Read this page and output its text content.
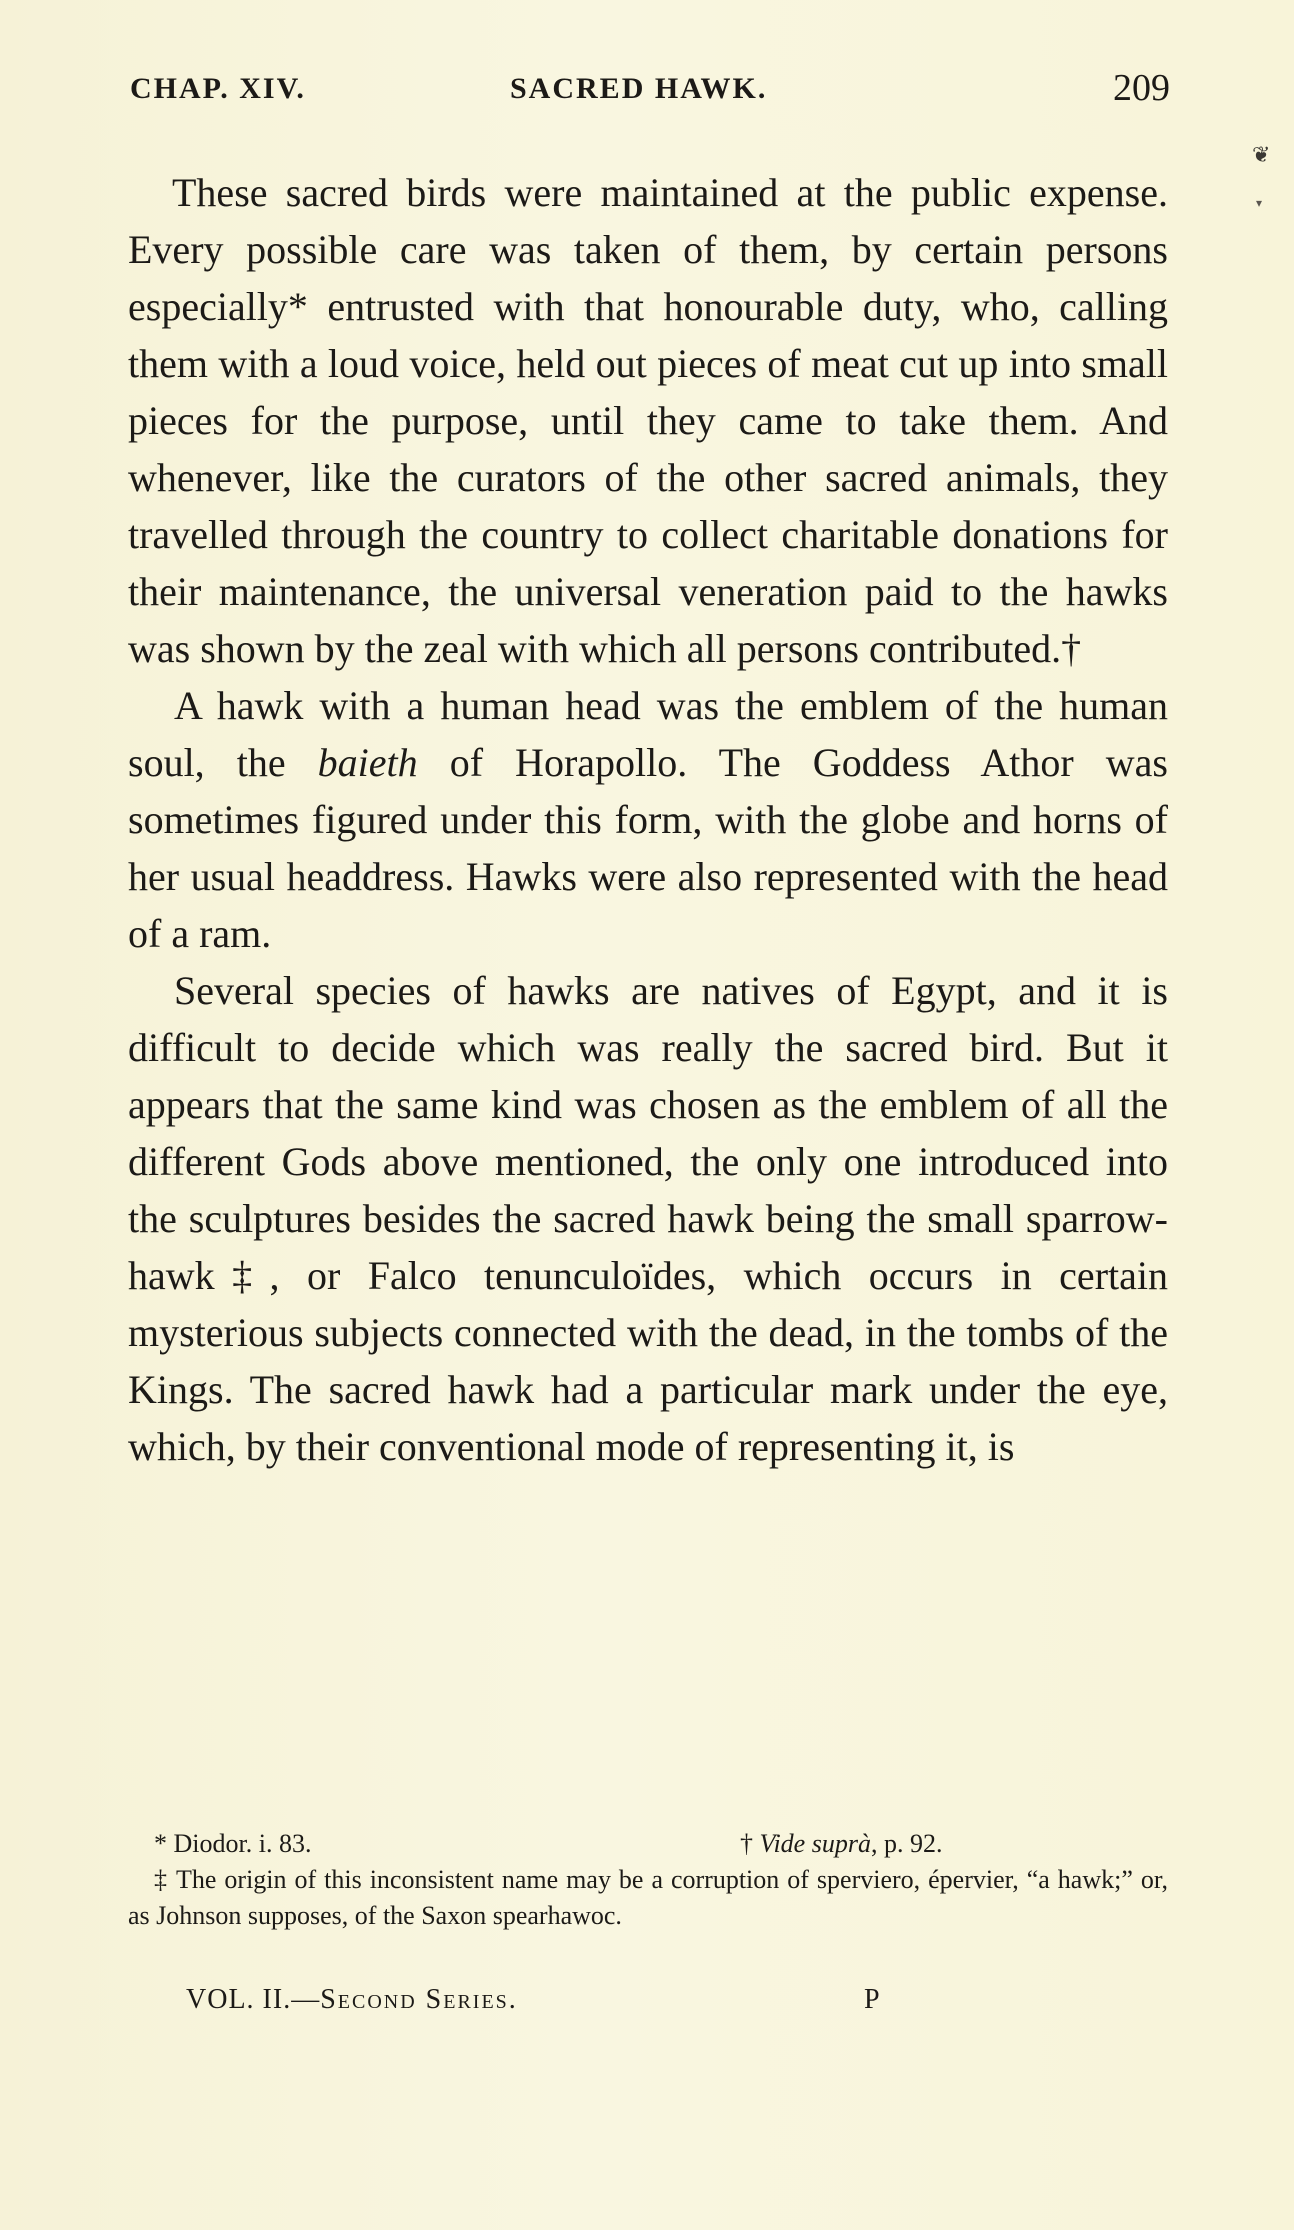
CHAP. XIV.	SACRED HAWK.	209
❦
▾

These sacred birds were maintained at the public expense. Every possible care was taken of them, by certain persons especially* entrusted with that honourable duty, who, calling them with a loud voice, held out pieces of meat cut up into small pieces for the purpose, until they came to take them. And whenever, like the curators of the other sacred animals, they travelled through the country to collect charitable donations for their maintenance, the universal veneration paid to the hawks was shown by the zeal with which all persons contributed.†

A hawk with a human head was the emblem of the human soul, the baieth of Horapollo. The Goddess Athor was sometimes figured under this form, with the globe and horns of her usual headdress. Hawks were also represented with the head of a ram.

Several species of hawks are natives of Egypt, and it is difficult to decide which was really the sacred bird. But it appears that the same kind was chosen as the emblem of all the different Gods above mentioned, the only one introduced into the sculptures besides the sacred hawk being the small sparrow-hawk‡, or Falco tenunculoïdes, which occurs in certain mysterious subjects connected with the dead, in the tombs of the Kings. The sacred hawk had a particular mark under the eye, which, by their conventional mode of representing it, is

* Diodor. i. 83.	† Vide suprà, p. 92.
‡ The origin of this inconsistent name may be a corruption of sperviero, épervier, “a hawk;” or, as Johnson supposes, of the Saxon spearhawoc.
VOL. II.—Second Series.	P
